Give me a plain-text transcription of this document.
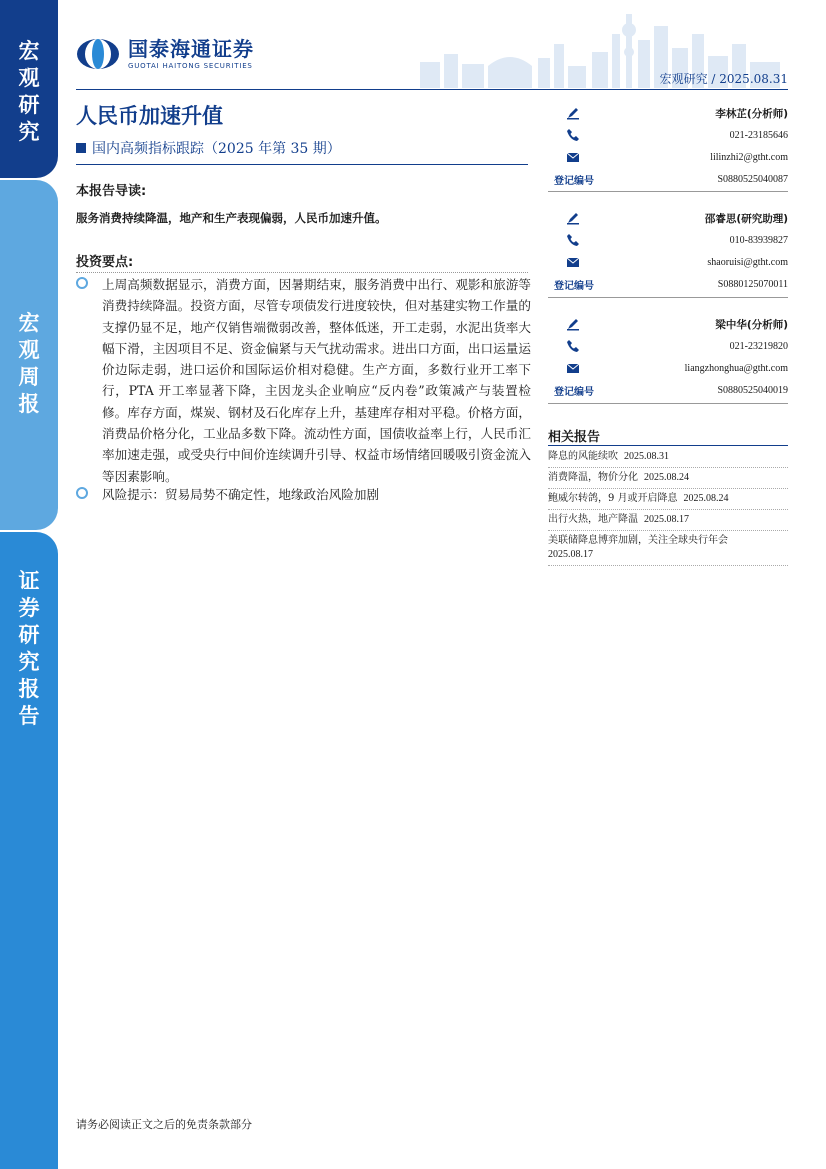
宏观研究
宏观周报
证券研究报告
国泰海通证券
GUOTAI HAITONG SECURITIES
宏观研究 / 2025.08.31
人民币加速升值
国内高频指标跟踪（2025 年第 35 期）
本报告导读:
服务消费持续降温，地产和生产表现偏弱，人民币加速升值。
投资要点:
上周高频数据显示，消费方面，因暑期结束，服务消费中出行、观影和旅游等消费持续降温。投资方面，尽管专项债发行进度较快，但对基建实物工作量的支撑仍显不足，地产仅销售端微弱改善，整体低迷，开工走弱，水泥出货率大幅下滑，主因项目不足、资金偏紧与天气扰动需求。进出口方面，出口运量运价边际走弱，进口运价和国际运价相对稳健。生产方面，多数行业开工率下行，PTA 开工率显著下降，主因龙头企业响应“反内卷”政策减产与装置检修。库存方面，煤炭、钢材及石化库存上升，基建库存相对平稳。价格方面，消费品价格分化，工业品多数下降。流动性方面，国债收益率上行，人民币汇率加速走强，或受央行中间价连续调升引导、权益市场情绪回暖吸引资金流入等因素影响。
风险提示：贸易局势不确定性，地缘政治风险加剧
李林芷(分析师)
021-23185646
lilinzhi2@gtht.com
登记编号	S0880525040087
邵睿思(研究助理)
010-83939827
shaoruisi@gtht.com
登记编号	S0880125070011
梁中华(分析师)
021-23219820
liangzhonghua@gtht.com
登记编号	S0880525040019
相关报告
降息的风能续吹 2025.08.31
消费降温，物价分化 2025.08.24
鲍威尔转鸽，9 月或开启降息 2025.08.24
出行火热，地产降温 2025.08.17
美联储降息博弈加剧，关注全球央行年会
2025.08.17
请务必阅读正文之后的免责条款部分
